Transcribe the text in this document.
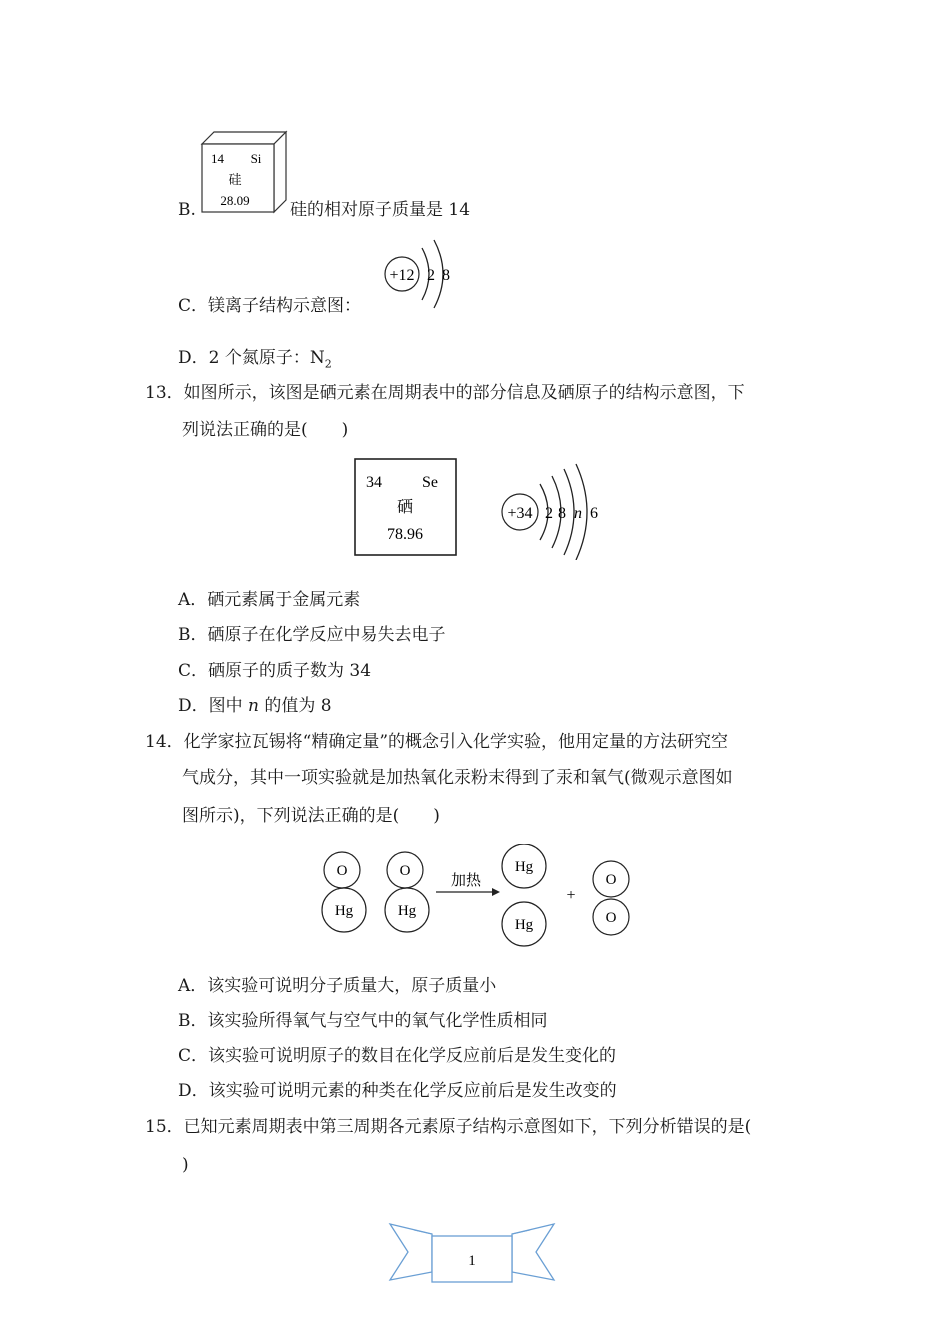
B.
14 Si
硅
28.09 硅的相对原子质量是 14
C．镁离子结构示意图：
+12 2 8
D．2 个氮原子：$N_2$
13．如图所示，该图是硒元素在周期表中的部分信息及硒原子的结构示意图，下
列说法正确的是(　　)
34	Se
硒
78.96
+34 2 8 n 6
A．硒元素属于金属元素
B．硒原子在化学反应中易失去电子
C．硒原子的质子数为 34
D．图中 n 的值为 8
14．化学家拉瓦锡将“精确定量”的概念引入化学实验，他用定量的方法研究空
气成分，其中一项实验就是加热氧化汞粉末得到了汞和氧气(微观示意图如
图所示)，下列说法正确的是(　　)
O
Hg
O
Hg
加热
Hg
Hg
+
O
O
A．该实验可说明分子质量大，原子质量小
B．该实验所得氧气与空气中的氧气化学性质相同
C．该实验可说明原子的数目在化学反应前后是发生变化的
D．该实验可说明元素的种类在化学反应前后是发生改变的
15．已知元素周期表中第三周期各元素原子结构示意图如下，下列分析错误的是(
)
1
